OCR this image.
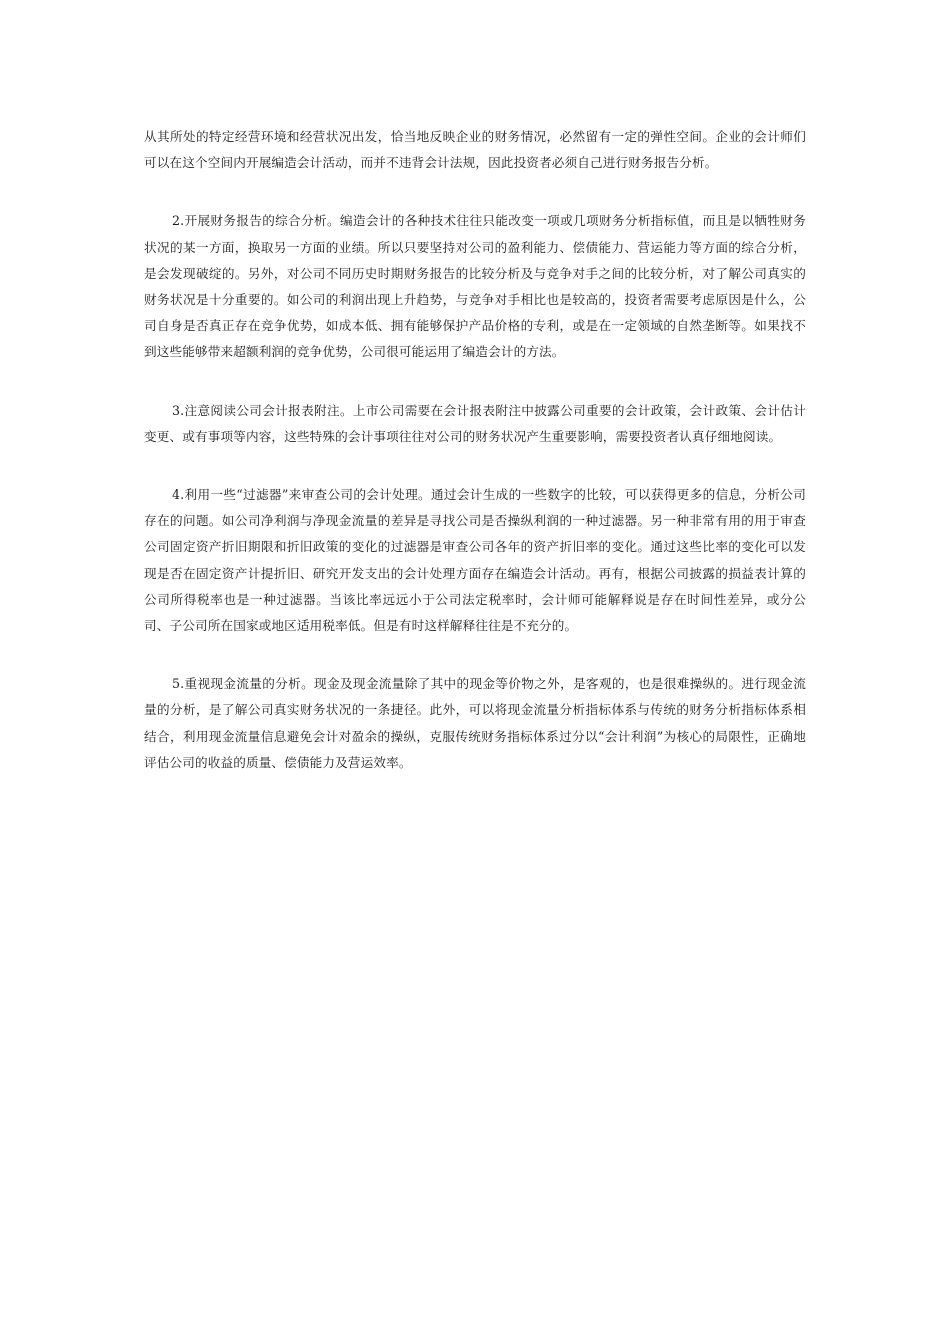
从其所处的特定经营环境和经营状况出发，恰当地反映企业的财务情况，必然留有一定的弹性空间。企业的会计师们可以在这个空间内开展编造会计活动，而并不违背会计法规，因此投资者必须自己进行财务报告分析。

2.开展财务报告的综合分析。编造会计的各种技术往往只能改变一项或几项财务分析指标值，而且是以牺牲财务状况的某一方面，换取另一方面的业绩。所以只要坚持对公司的盈利能力、偿债能力、营运能力等方面的综合分析，是会发现破绽的。另外，对公司不同历史时期财务报告的比较分析及与竞争对手之间的比较分析，对了解公司真实的财务状况是十分重要的。如公司的利润出现上升趋势，与竞争对手相比也是较高的，投资者需要考虑原因是什么，公司自身是否真正存在竞争优势，如成本低、拥有能够保护产品价格的专利，或是在一定领域的自然垄断等。如果找不到这些能够带来超额利润的竞争优势，公司很可能运用了编造会计的方法。

3.注意阅读公司会计报表附注。上市公司需要在会计报表附注中披露公司重要的会计政策，会计政策、会计估计变更、或有事项等内容，这些特殊的会计事项往往对公司的财务状况产生重要影响，需要投资者认真仔细地阅读。

4.利用一些“过滤器”来审查公司的会计处理。通过会计生成的一些数字的比较，可以获得更多的信息，分析公司存在的问题。如公司净利润与净现金流量的差异是寻找公司是否操纵利润的一种过滤器。另一种非常有用的用于审查公司固定资产折旧期限和折旧政策的变化的过滤器是审查公司各年的资产折旧率的变化。通过这些比率的变化可以发现是否在固定资产计提折旧、研究开发支出的会计处理方面存在编造会计活动。再有，根据公司披露的损益表计算的公司所得税率也是一种过滤器。当该比率远远小于公司法定税率时，会计师可能解释说是存在时间性差异，或分公司、子公司所在国家或地区适用税率低。但是有时这样解释往往是不充分的。

5.重视现金流量的分析。现金及现金流量除了其中的现金等价物之外，是客观的，也是很难操纵的。进行现金流量的分析，是了解公司真实财务状况的一条捷径。此外，可以将现金流量分析指标体系与传统的财务分析指标体系相结合，利用现金流量信息避免会计对盈余的操纵，克服传统财务指标体系过分以“会计利润”为核心的局限性，正确地评估公司的收益的质量、偿债能力及营运效率。
